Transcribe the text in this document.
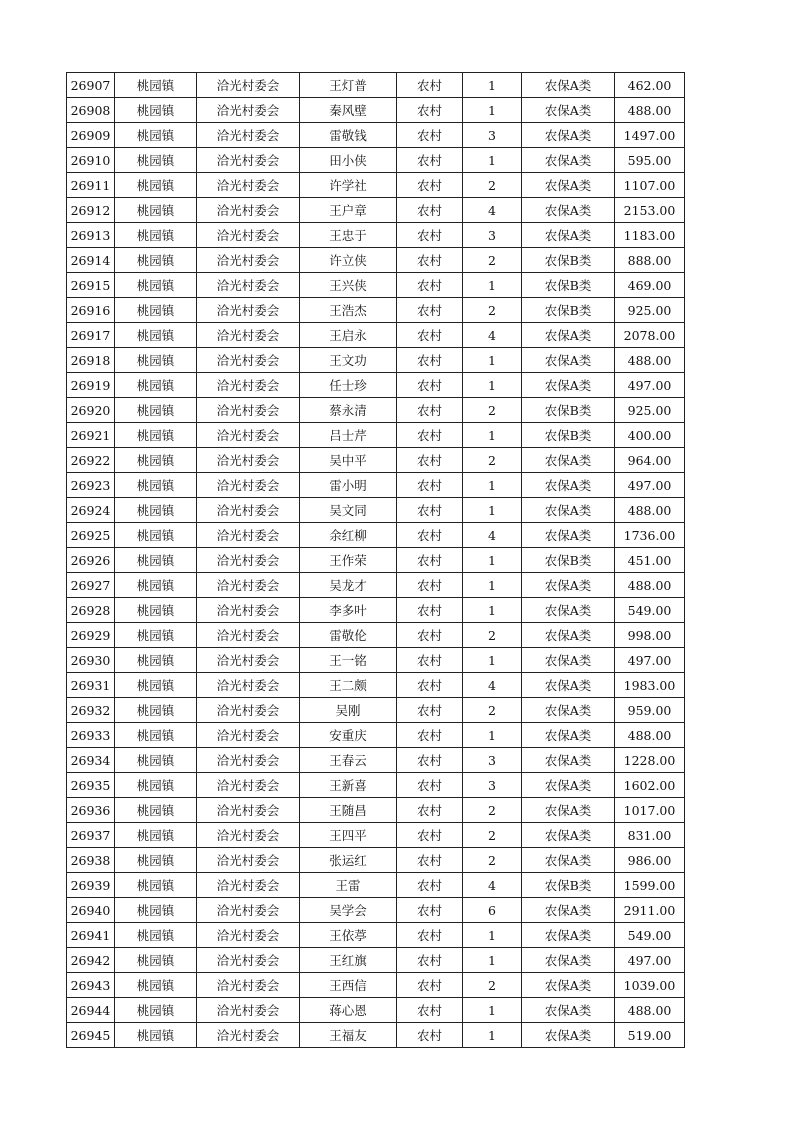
26907	桃园镇	洽光村委会	王灯普	农村	1	农保A类	462.00
26908	桃园镇	洽光村委会	秦风壁	农村	1	农保A类	488.00
26909	桃园镇	洽光村委会	雷敬钱	农村	3	农保A类	1497.00
26910	桃园镇	洽光村委会	田小侠	农村	1	农保A类	595.00
26911	桃园镇	洽光村委会	许学社	农村	2	农保A类	1107.00
26912	桃园镇	洽光村委会	王户章	农村	4	农保A类	2153.00
26913	桃园镇	洽光村委会	王忠于	农村	3	农保A类	1183.00
26914	桃园镇	洽光村委会	许立侠	农村	2	农保B类	888.00
26915	桃园镇	洽光村委会	王兴侠	农村	1	农保B类	469.00
26916	桃园镇	洽光村委会	王浩杰	农村	2	农保B类	925.00
26917	桃园镇	洽光村委会	王启永	农村	4	农保A类	2078.00
26918	桃园镇	洽光村委会	王文功	农村	1	农保A类	488.00
26919	桃园镇	洽光村委会	任士珍	农村	1	农保A类	497.00
26920	桃园镇	洽光村委会	蔡永清	农村	2	农保B类	925.00
26921	桃园镇	洽光村委会	吕士芹	农村	1	农保B类	400.00
26922	桃园镇	洽光村委会	吴中平	农村	2	农保A类	964.00
26923	桃园镇	洽光村委会	雷小明	农村	1	农保A类	497.00
26924	桃园镇	洽光村委会	吴文同	农村	1	农保A类	488.00
26925	桃园镇	洽光村委会	余红柳	农村	4	农保A类	1736.00
26926	桃园镇	洽光村委会	王作荣	农村	1	农保B类	451.00
26927	桃园镇	洽光村委会	吴龙才	农村	1	农保A类	488.00
26928	桃园镇	洽光村委会	李多叶	农村	1	农保A类	549.00
26929	桃园镇	洽光村委会	雷敬伦	农村	2	农保A类	998.00
26930	桃园镇	洽光村委会	王一铭	农村	1	农保A类	497.00
26931	桃园镇	洽光村委会	王二颇	农村	4	农保A类	1983.00
26932	桃园镇	洽光村委会	吴刚	农村	2	农保A类	959.00
26933	桃园镇	洽光村委会	安重庆	农村	1	农保A类	488.00
26934	桃园镇	洽光村委会	王春云	农村	3	农保A类	1228.00
26935	桃园镇	洽光村委会	王新喜	农村	3	农保A类	1602.00
26936	桃园镇	洽光村委会	王随昌	农村	2	农保A类	1017.00
26937	桃园镇	洽光村委会	王四平	农村	2	农保A类	831.00
26938	桃园镇	洽光村委会	张运红	农村	2	农保A类	986.00
26939	桃园镇	洽光村委会	王雷	农村	4	农保B类	1599.00
26940	桃园镇	洽光村委会	吴学会	农村	6	农保A类	2911.00
26941	桃园镇	洽光村委会	王依葶	农村	1	农保A类	549.00
26942	桃园镇	洽光村委会	王红旗	农村	1	农保A类	497.00
26943	桃园镇	洽光村委会	王西信	农村	2	农保A类	1039.00
26944	桃园镇	洽光村委会	蒋心恩	农村	1	农保A类	488.00
26945	桃园镇	洽光村委会	王福友	农村	1	农保A类	519.00
